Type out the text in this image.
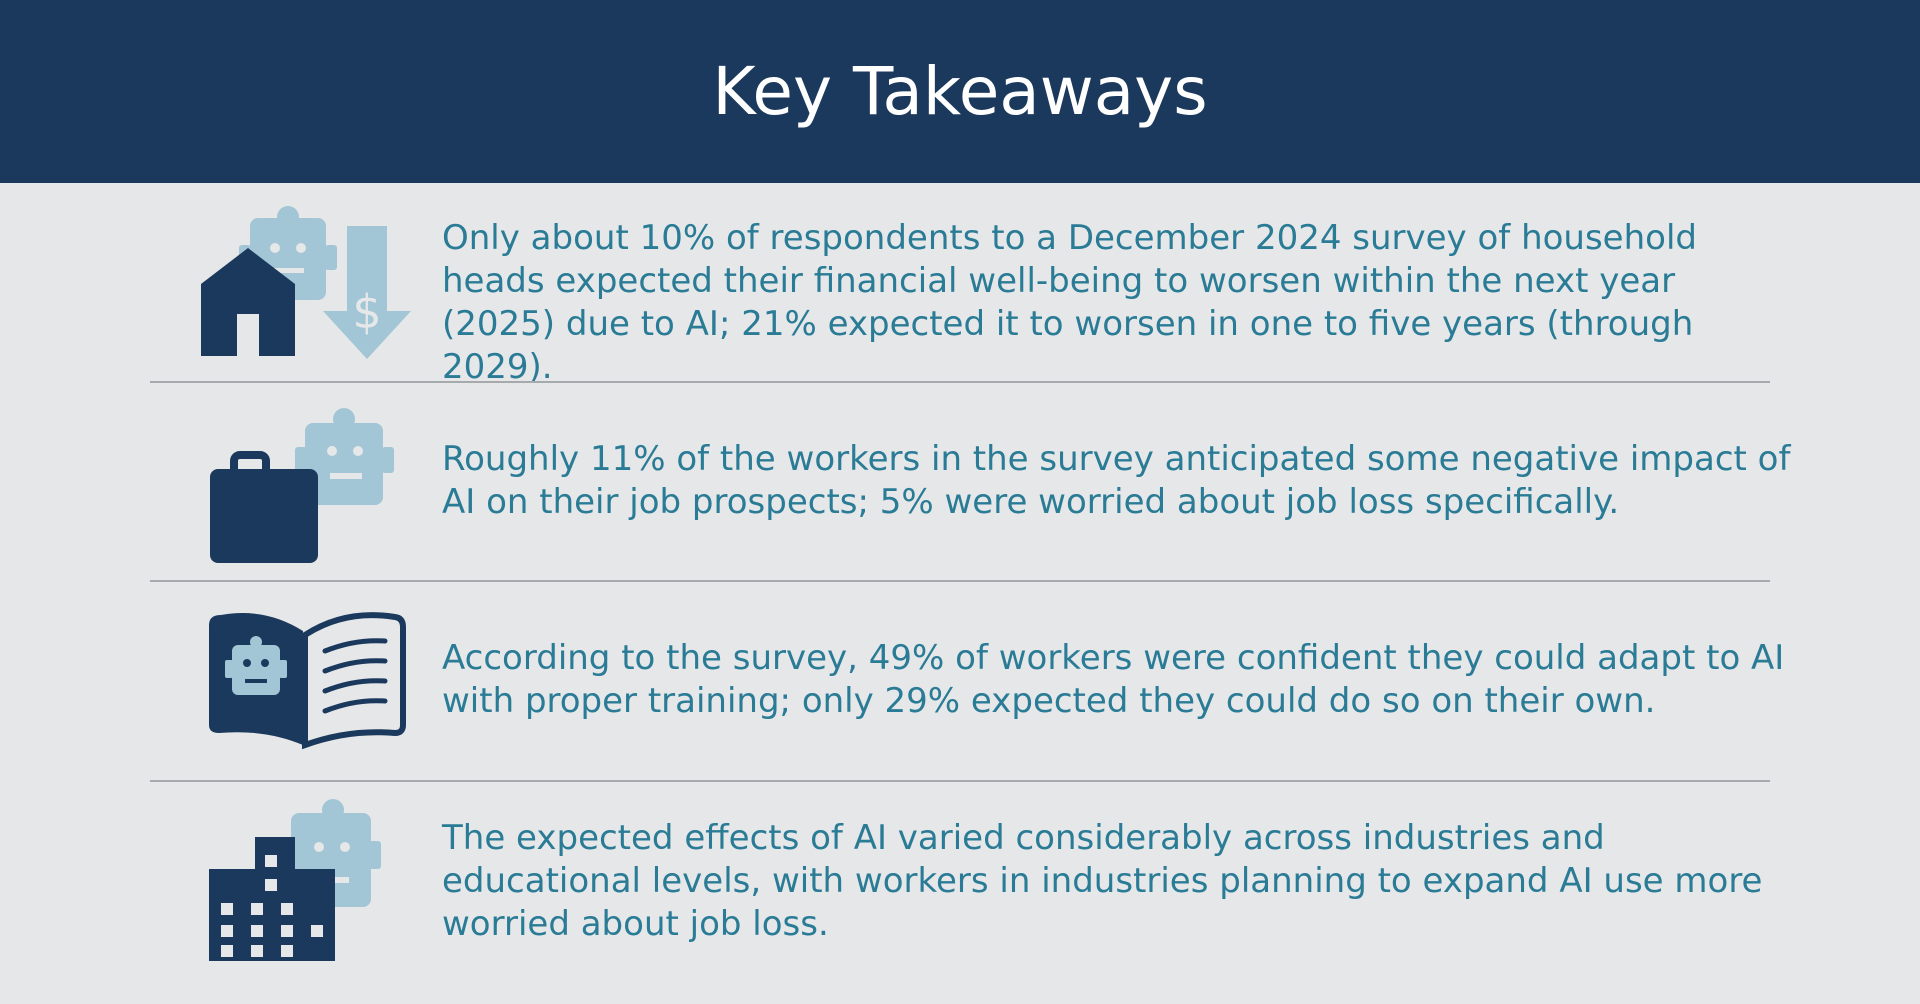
Key Takeaways
$

Only about 10% of respondents to a December 2024 survey of household heads expected their financial well-being to worsen within the next year (2025) due to AI; 21% expected it to worsen in one to five years (through 2029).

Roughly 11% of the workers in the survey anticipated some negative impact of AI on their job prospects; 5% were worried about job loss specifically.

According to the survey, 49% of workers were confident they could adapt to AI with proper training; only 29% expected they could do so on their own.

The expected effects of AI varied considerably across industries and educational levels, with workers in industries planning to expand AI use more worried about job loss.
